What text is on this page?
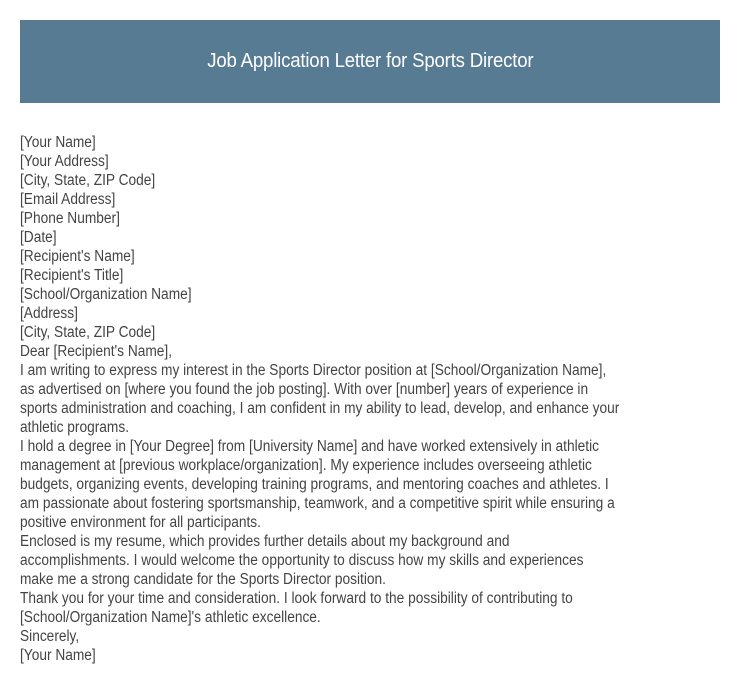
Job Application Letter for Sports Director
[Your Name]
[Your Address]
[City, State, ZIP Code]
[Email Address]
[Phone Number]
[Date]
[Recipient's Name]
[Recipient's Title]
[School/Organization Name]
[Address]
[City, State, ZIP Code]
Dear [Recipient's Name],
I am writing to express my interest in the Sports Director position at [School/Organization Name],
as advertised on [where you found the job posting]. With over [number] years of experience in
sports administration and coaching, I am confident in my ability to lead, develop, and enhance your
athletic programs.
I hold a degree in [Your Degree] from [University Name] and have worked extensively in athletic
management at [previous workplace/organization]. My experience includes overseeing athletic
budgets, organizing events, developing training programs, and mentoring coaches and athletes. I
am passionate about fostering sportsmanship, teamwork, and a competitive spirit while ensuring a
positive environment for all participants.
Enclosed is my resume, which provides further details about my background and
accomplishments. I would welcome the opportunity to discuss how my skills and experiences
make me a strong candidate for the Sports Director position.
Thank you for your time and consideration. I look forward to the possibility of contributing to
[School/Organization Name]'s athletic excellence.
Sincerely,
[Your Name]
